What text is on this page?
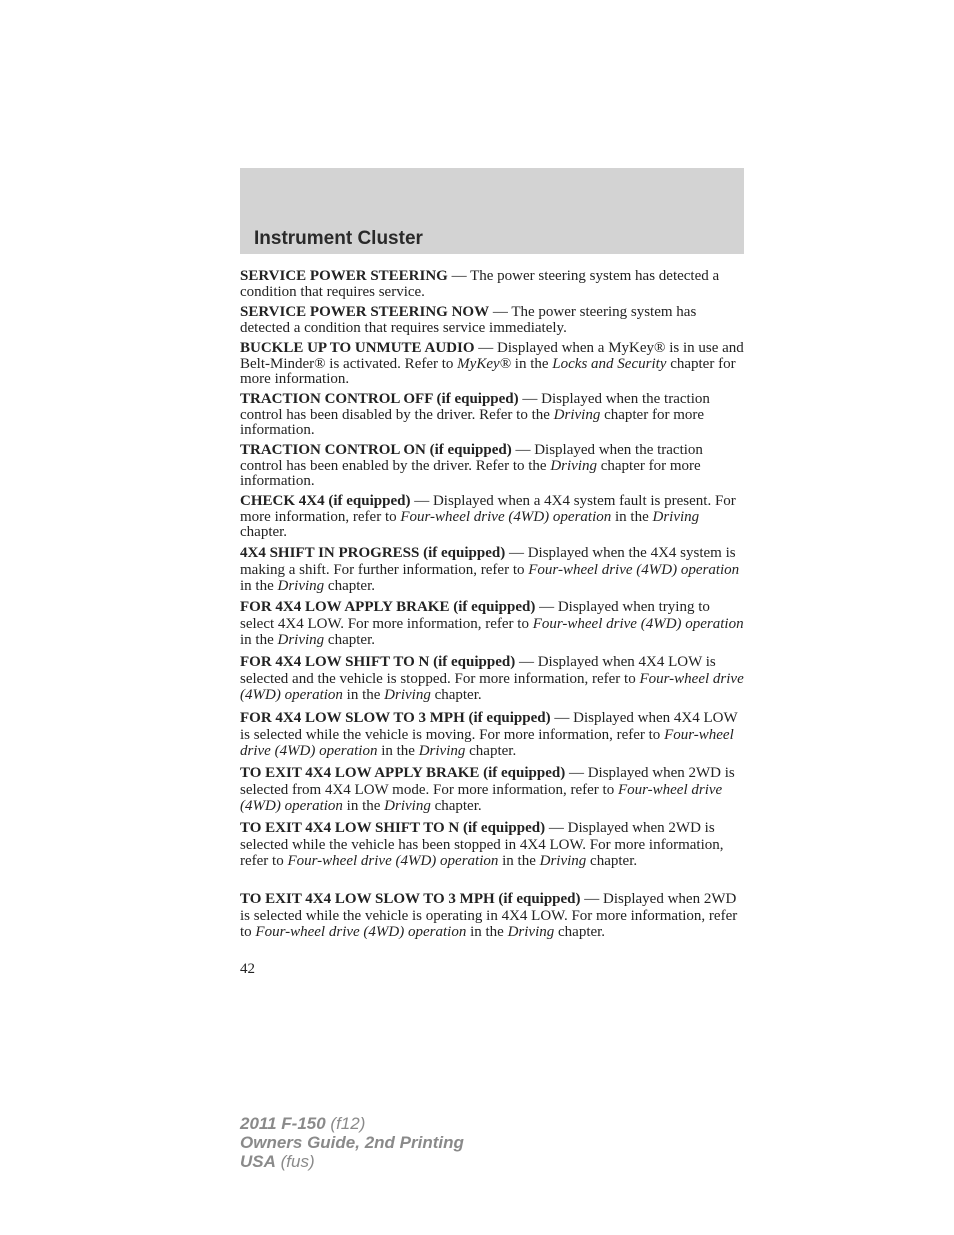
Instrument Cluster

SERVICE POWER STEERING — The power steering system has detected a condition that requires service.

SERVICE POWER STEERING NOW — The power steering system has detected a condition that requires service immediately.

BUCKLE UP TO UNMUTE AUDIO — Displayed when a MyKey® is in use and Belt-Minder® is activated. Refer to MyKey® in the Locks and Security chapter for more information.

TRACTION CONTROL OFF (if equipped) — Displayed when the traction control has been disabled by the driver. Refer to the Driving chapter for more information.

TRACTION CONTROL ON (if equipped) — Displayed when the traction control has been enabled by the driver. Refer to the Driving chapter for more information.

CHECK 4X4 (if equipped) — Displayed when a 4X4 system fault is present. For more information, refer to Four-wheel drive (4WD) operation in the Driving chapter.

4X4 SHIFT IN PROGRESS (if equipped) — Displayed when the 4X4 system is making a shift. For further information, refer to Four-wheel drive (4WD) operation in the Driving chapter.

FOR 4X4 LOW APPLY BRAKE (if equipped) — Displayed when trying to select 4X4 LOW. For more information, refer to Four-wheel drive (4WD) operation in the Driving chapter.

FOR 4X4 LOW SHIFT TO N (if equipped) — Displayed when 4X4 LOW is selected and the vehicle is stopped. For more information, refer to Four-wheel drive (4WD) operation in the Driving chapter.

FOR 4X4 LOW SLOW TO 3 MPH (if equipped) — Displayed when 4X4 LOW is selected while the vehicle is moving. For more information, refer to Four-wheel drive (4WD) operation in the Driving chapter.

TO EXIT 4X4 LOW APPLY BRAKE (if equipped) — Displayed when 2WD is selected from 4X4 LOW mode. For more information, refer to Four-wheel drive (4WD) operation in the Driving chapter.

TO EXIT 4X4 LOW SHIFT TO N (if equipped) — Displayed when 2WD is selected while the vehicle has been stopped in 4X4 LOW. For more information, refer to Four-wheel drive (4WD) operation in the Driving chapter.

TO EXIT 4X4 LOW SLOW TO 3 MPH (if equipped) — Displayed when 2WD is selected while the vehicle is operating in 4X4 LOW. For more information, refer to Four-wheel drive (4WD) operation in the Driving chapter.

42
2011 F-150 (f12)
Owners Guide, 2nd Printing
USA (fus)
